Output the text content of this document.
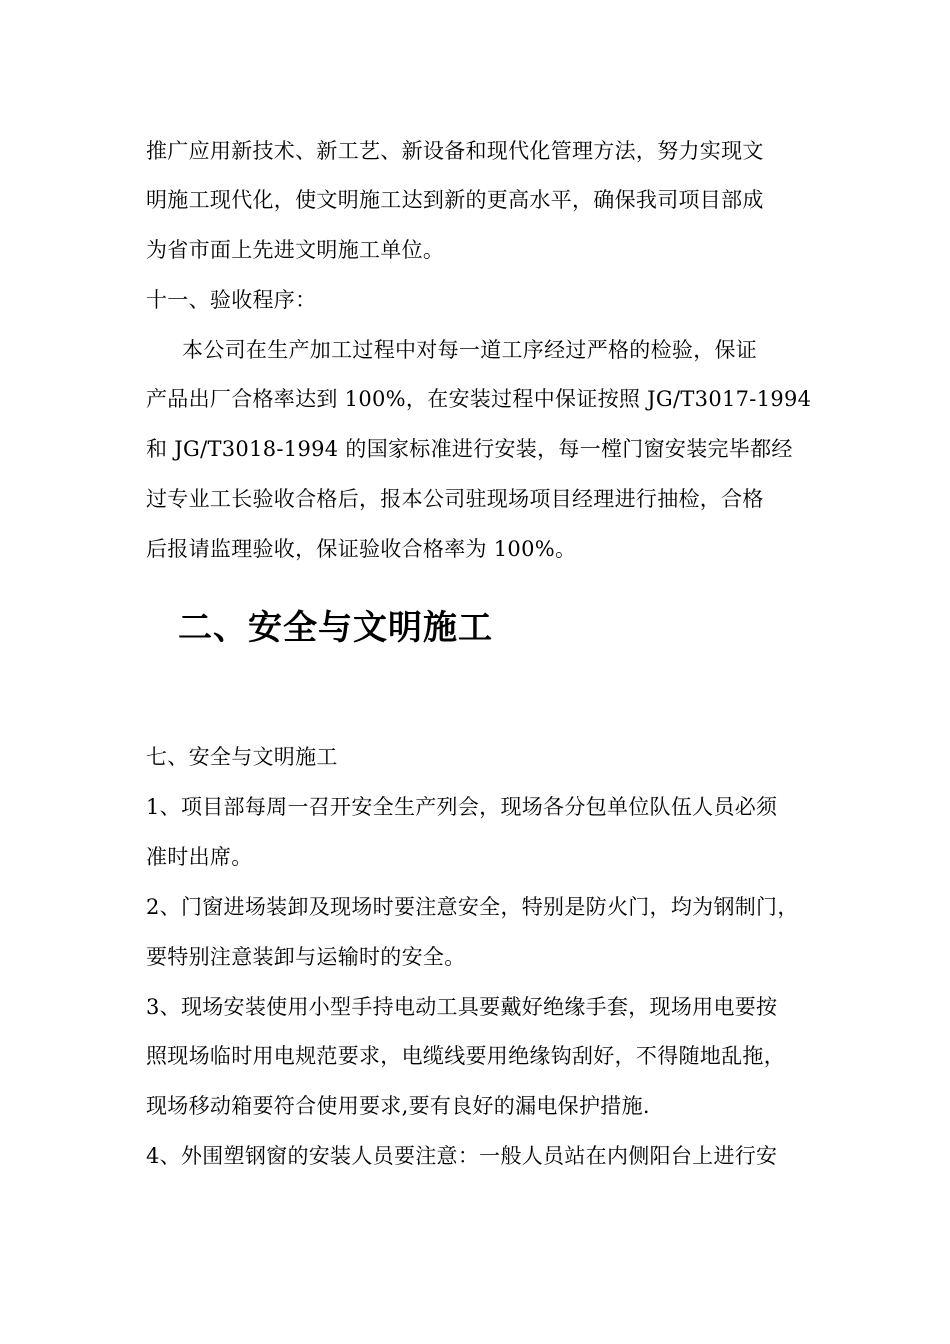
推广应用新技术、新工艺、新设备和现代化管理方法，努力实现文
明施工现代化，使文明施工达到新的更高水平，确保我司项目部成
为省市面上先进文明施工单位。
十一、验收程序：
本公司在生产加工过程中对每一道工序经过严格的检验，保证
产品出厂合格率达到 100%，在安装过程中保证按照 JG/T3017-1994
和 JG/T3018-1994 的国家标准进行安装，每一樘门窗安装完毕都经
过专业工长验收合格后，报本公司驻现场项目经理进行抽检，合格
后报请监理验收，保证验收合格率为 100%。
二、安全与文明施工
七、安全与文明施工
1、项目部每周一召开安全生产列会，现场各分包单位队伍人员必须
准时出席。
2、门窗进场装卸及现场时要注意安全，特别是防火门，均为钢制门，
要特别注意装卸与运输时的安全。
3、现场安装使用小型手持电动工具要戴好绝缘手套，现场用电要按
照现场临时用电规范要求，电缆线要用绝缘钩刮好，不得随地乱拖，
现场移动箱要符合使用要求,要有良好的漏电保护措施.
4、外围塑钢窗的安装人员要注意：一般人员站在内侧阳台上进行安
